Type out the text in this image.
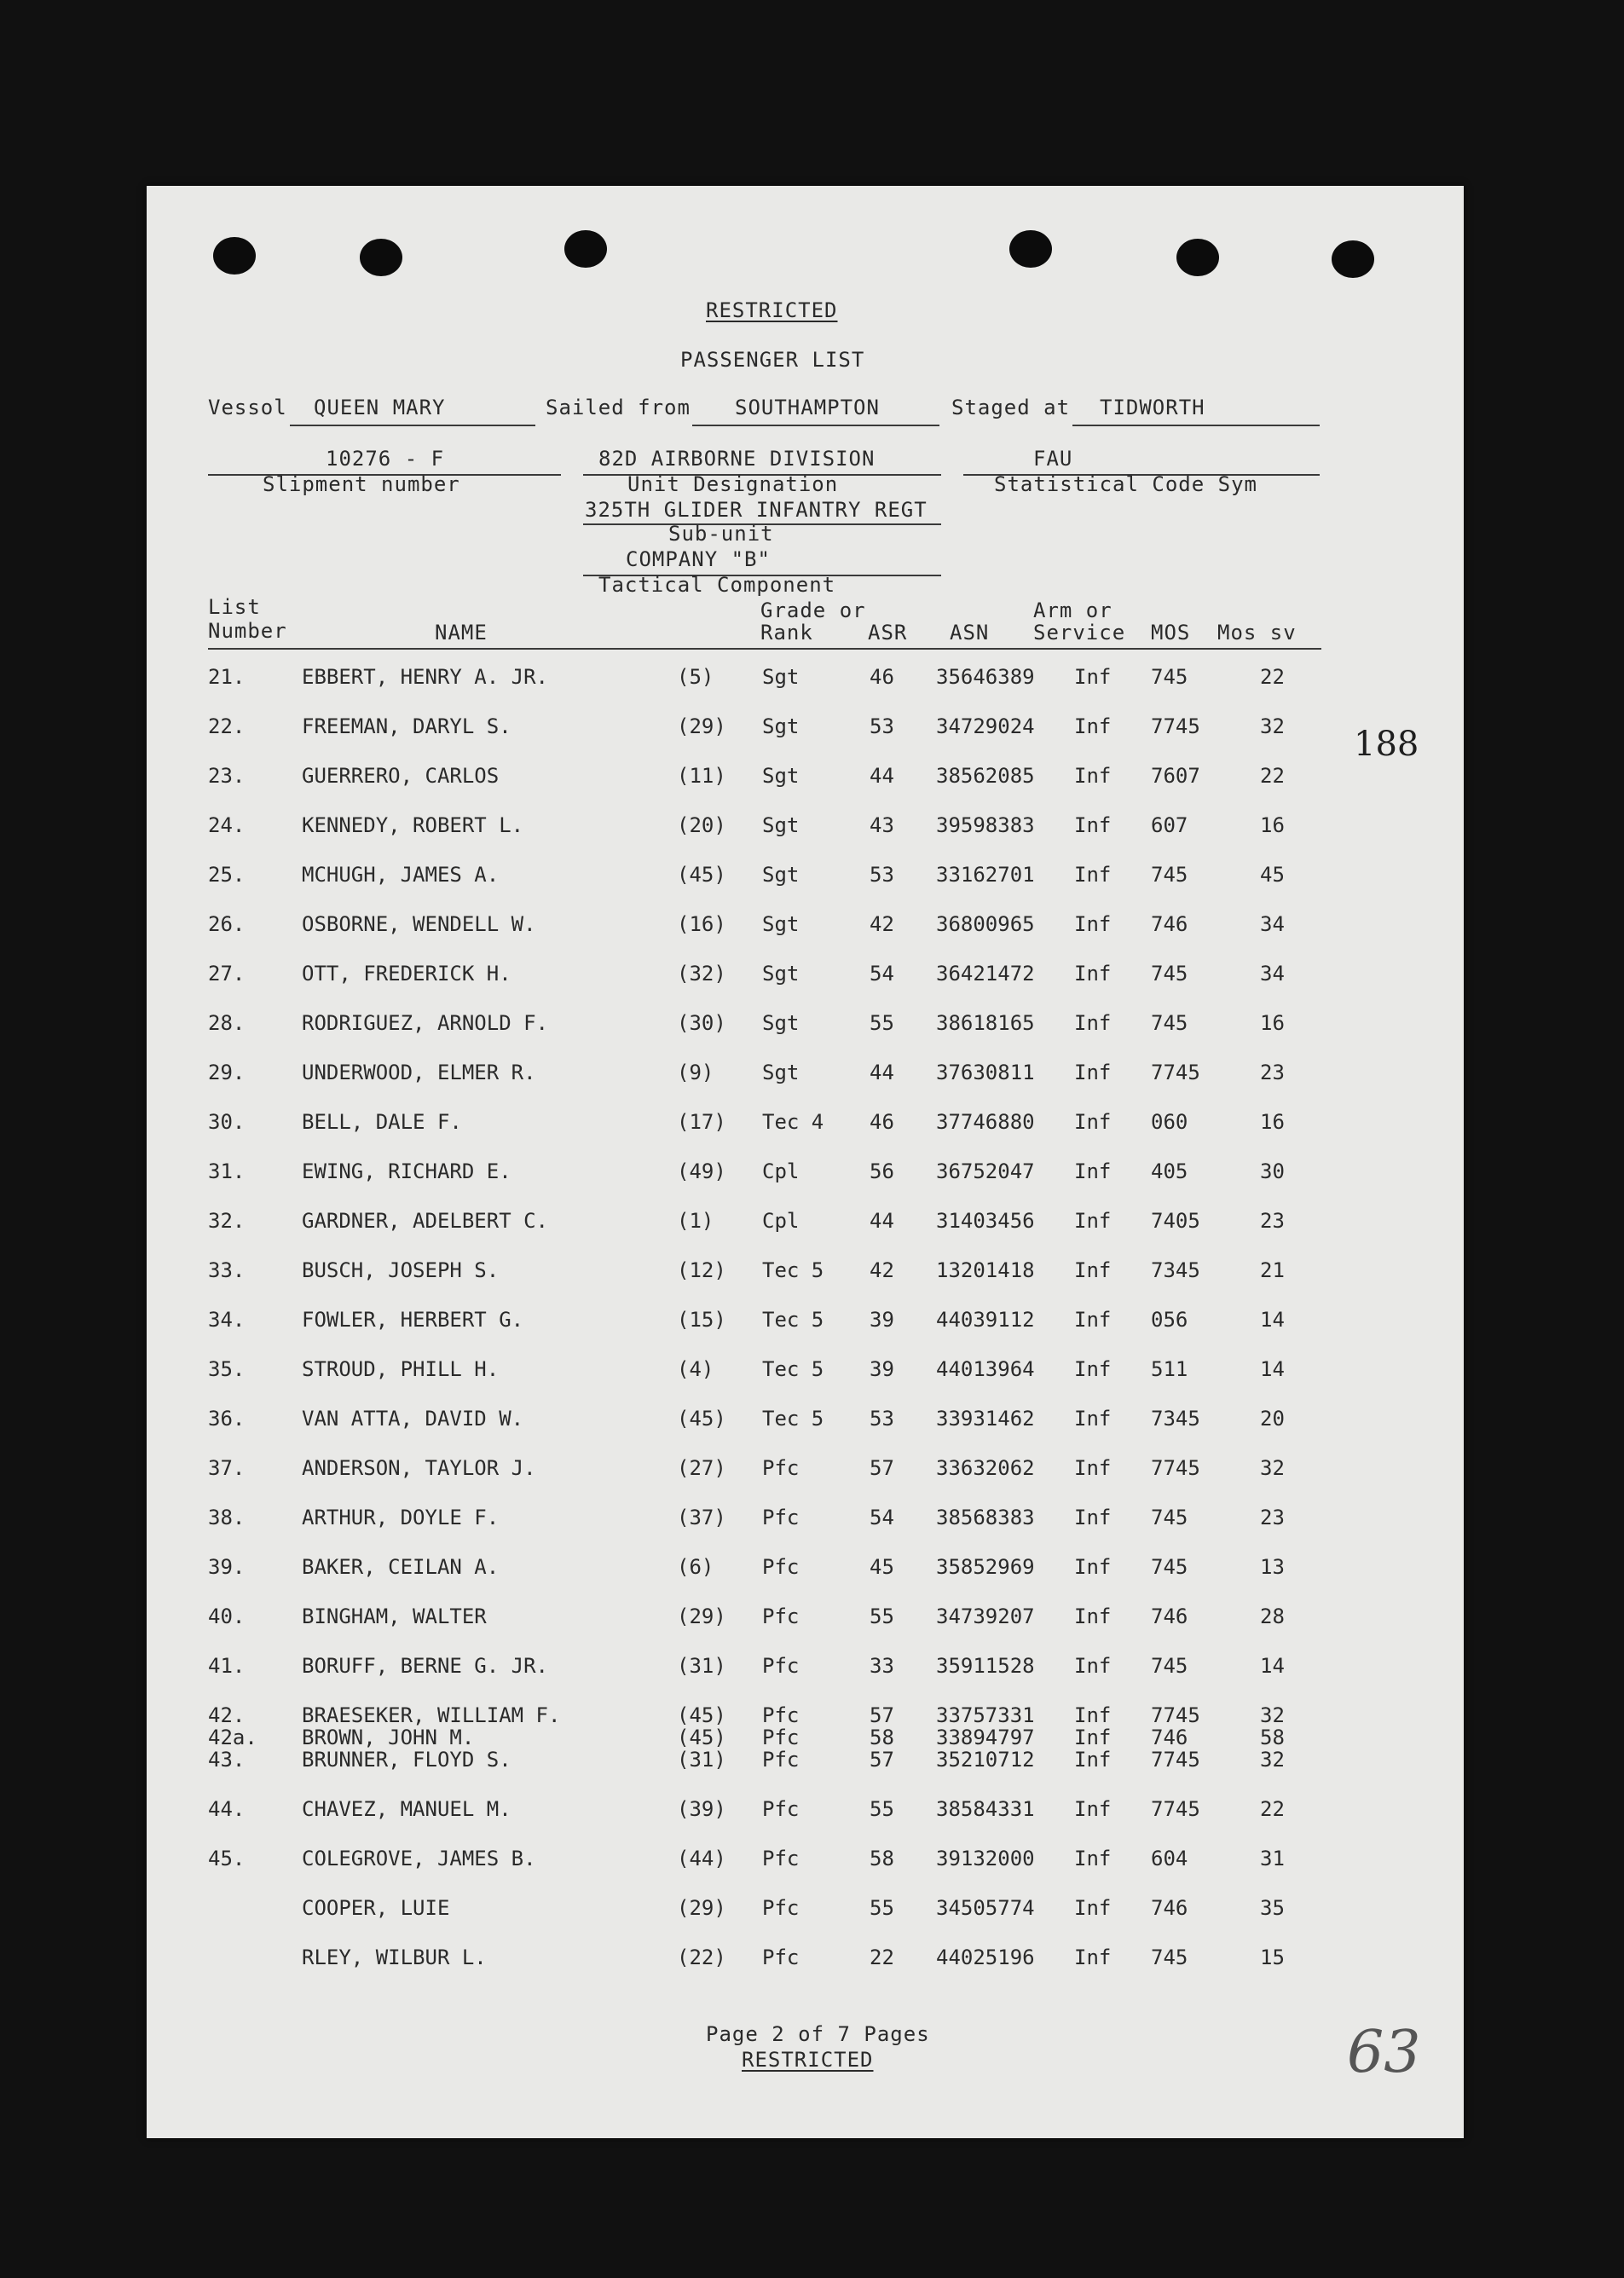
RESTRICTED
PASSENGER LIST
Vessol QUEEN MARY	Sailed from SOUTHAMPTON	Staged at TIDWORTH
10276 - F
Slipment number
82D AIRBORNE DIVISION
Unit Designation
FAU
Statistical Code Sym
325TH GLIDER INFANTRY REGT
Sub-unit
COMPANY "B"
Tactical Component
List
Number	NAME
Grade or
Rank	ASR ASN
Arm or
Service MOS Mos sv
21.	EBBERT, HENRY A. JR.	(5) Sgt	46 35646389 Inf 745	22
22.	FREEMAN, DARYL S.	(29) Sgt	53 34729024 Inf 7745	32
23.	GUERRERO, CARLOS	(11) Sgt	44 38562085 Inf 7607	22
24.	KENNEDY, ROBERT L.	(20) Sgt	43 39598383 Inf 607	16
25.	MCHUGH, JAMES A.	(45) Sgt	53 33162701 Inf 745	45
26.	OSBORNE, WENDELL W.	(16) Sgt	42 36800965 Inf 746	34
27.	OTT, FREDERICK H.	(32) Sgt	54 36421472 Inf 745	34
28.	RODRIGUEZ, ARNOLD F.	(30) Sgt	55 38618165 Inf 745	16
29.	UNDERWOOD, ELMER R.	(9) Sgt	44 37630811 Inf 7745	23
30.	BELL, DALE F.	(17) Tec 4 46 37746880 Inf 060	16
31.	EWING, RICHARD E.	(49) Cpl	56 36752047 Inf 405	30
32.	GARDNER, ADELBERT C.	(1) Cpl	44 31403456 Inf 7405	23
33.	BUSCH, JOSEPH S.	(12) Tec 5 42 13201418 Inf 7345	21
34.	FOWLER, HERBERT G.	(15) Tec 5 39 44039112 Inf 056	14
35.	STROUD, PHILL H.	(4) Tec 5 39 44013964 Inf 511	14
36.	VAN ATTA, DAVID W.	(45) Tec 5 53 33931462 Inf 7345	20
37.	ANDERSON, TAYLOR J.	(27) Pfc	57 33632062 Inf 7745	32
38.	ARTHUR, DOYLE F.	(37) Pfc	54 38568383 Inf 745	23
39.	BAKER, CEILAN A.	(6) Pfc	45 35852969 Inf 745	13
40.	BINGHAM, WALTER	(29) Pfc	55 34739207 Inf 746	28
41.	BORUFF, BERNE G. JR.	(31) Pfc	33 35911528 Inf 745	14
42.	BRAESEKER, WILLIAM F.	(45) Pfc	57 33757331 Inf 7745	32
42a. BROWN, JOHN M.	(45) Pfc	58 33894797 Inf 746	58
43.	BRUNNER, FLOYD S.	(31) Pfc	57 35210712 Inf 7745	32
44.	CHAVEZ, MANUEL M.	(39) Pfc	55 38584331 Inf 7745	22
45.	COLEGROVE, JAMES B.	(44) Pfc	58 39132000 Inf 604	31
COOPER, LUIE	(29) Pfc	55 34505774 Inf 746	35
RLEY, WILBUR L.	(22) Pfc	22 44025196 Inf 745	15
Page 2 of 7 Pages
RESTRICTED
188
63
